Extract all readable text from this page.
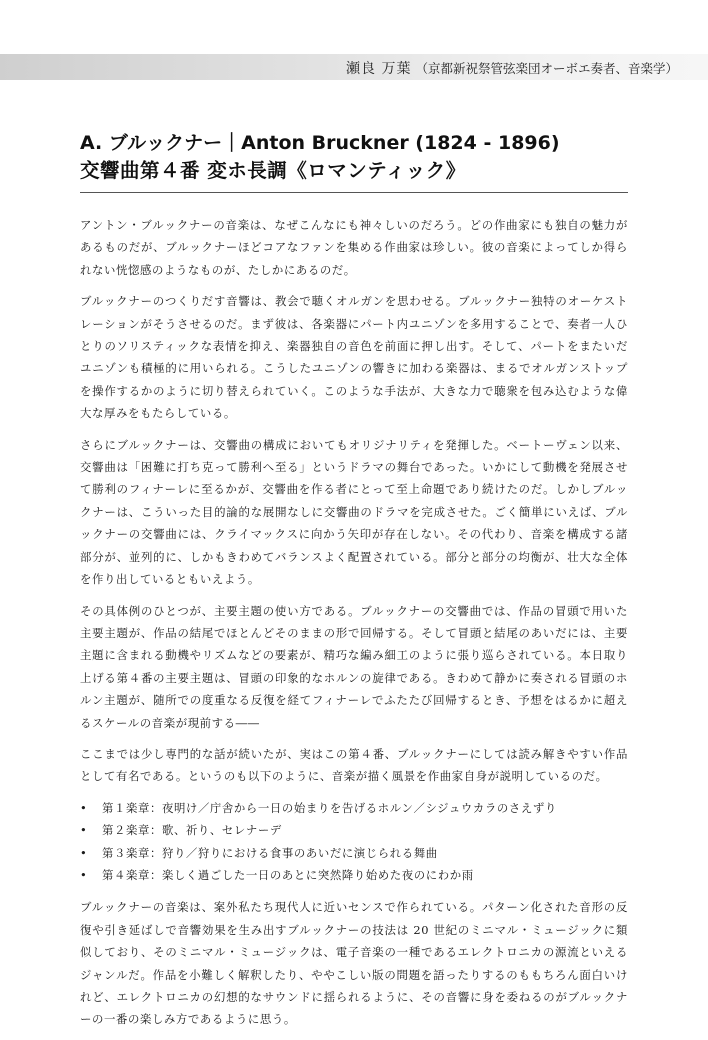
瀬良 万葉 （京都新祝祭管弦楽団オーボエ奏者、音楽学）
A. ブルックナー｜Anton Bruckner (1824 - 1896)
交響曲第４番 変ホ長調《ロマンティック》

アントン・ブルックナーの音楽は、なぜこんなにも神々しいのだろう。どの作曲家にも独自の魅力があるものだが、ブルックナーほどコアなファンを集める作曲家は珍しい。彼の音楽によってしか得られない恍惚感のようなものが、たしかにあるのだ。

ブルックナーのつくりだす音響は、教会で聴くオルガンを思わせる。ブルックナー独特のオーケストレーションがそうさせるのだ。まず彼は、各楽器にパート内ユニゾンを多用することで、奏者一人ひとりのソリスティックな表情を抑え、楽器独自の音色を前面に押し出す。そして、パートをまたいだユニゾンも積極的に用いられる。こうしたユニゾンの響きに加わる楽器は、まるでオルガンストップを操作するかのように切り替えられていく。このような手法が、大きな力で聴衆を包み込むような偉大な厚みをもたらしている。

さらにブルックナーは、交響曲の構成においてもオリジナリティを発揮した。ベートーヴェン以来、交響曲は「困難に打ち克って勝利へ至る」というドラマの舞台であった。いかにして動機を発展させて勝利のフィナーレに至るかが、交響曲を作る者にとって至上命題であり続けたのだ。しかしブルックナーは、こういった目的論的な展開なしに交響曲のドラマを完成させた。ごく簡単にいえば、ブルックナーの交響曲には、クライマックスに向かう矢印が存在しない。その代わり、音楽を構成する諸部分が、並列的に、しかもきわめてバランスよく配置されている。部分と部分の均衡が、壮大な全体を作り出しているともいえよう。

その具体例のひとつが、主要主題の使い方である。ブルックナーの交響曲では、作品の冒頭で用いた主要主題が、作品の結尾でほとんどそのままの形で回帰する。そして冒頭と結尾のあいだには、主要主題に含まれる動機やリズムなどの要素が、精巧な編み細工のように張り巡らされている。本日取り上げる第４番の主要主題は、冒頭の印象的なホルンの旋律である。きわめて静かに奏される冒頭のホルン主題が、随所での度重なる反復を経てフィナーレでふたたび回帰するとき、予想をはるかに超えるスケールの音楽が現前する――

ここまでは少し専門的な話が続いたが、実はこの第４番、ブルックナーにしては読み解きやすい作品として有名である。というのも以下のように、音楽が描く風景を作曲家自身が説明しているのだ。

• 第１楽章：夜明け／庁舎から一日の始まりを告げるホルン／シジュウカラのさえずり
• 第２楽章：歌、祈り、セレナーデ
• 第３楽章：狩り／狩りにおける食事のあいだに演じられる舞曲
• 第４楽章：楽しく過ごした一日のあとに突然降り始めた夜のにわか雨

ブルックナーの音楽は、案外私たち現代人に近いセンスで作られている。パターン化された音形の反復や引き延ばしで音響効果を生み出すブルックナーの技法は 20 世紀のミニマル・ミュージックに類似しており、そのミニマル・ミュージックは、電子音楽の一種であるエレクトロニカの源流といえるジャンルだ。作品を小難しく解釈したり、ややこしい版の問題を語ったりするのももちろん面白いけれど、エレクトロニカの幻想的なサウンドに揺られるように、その音響に身を委ねるのがブルックナーの一番の楽しみ方であるように思う。
